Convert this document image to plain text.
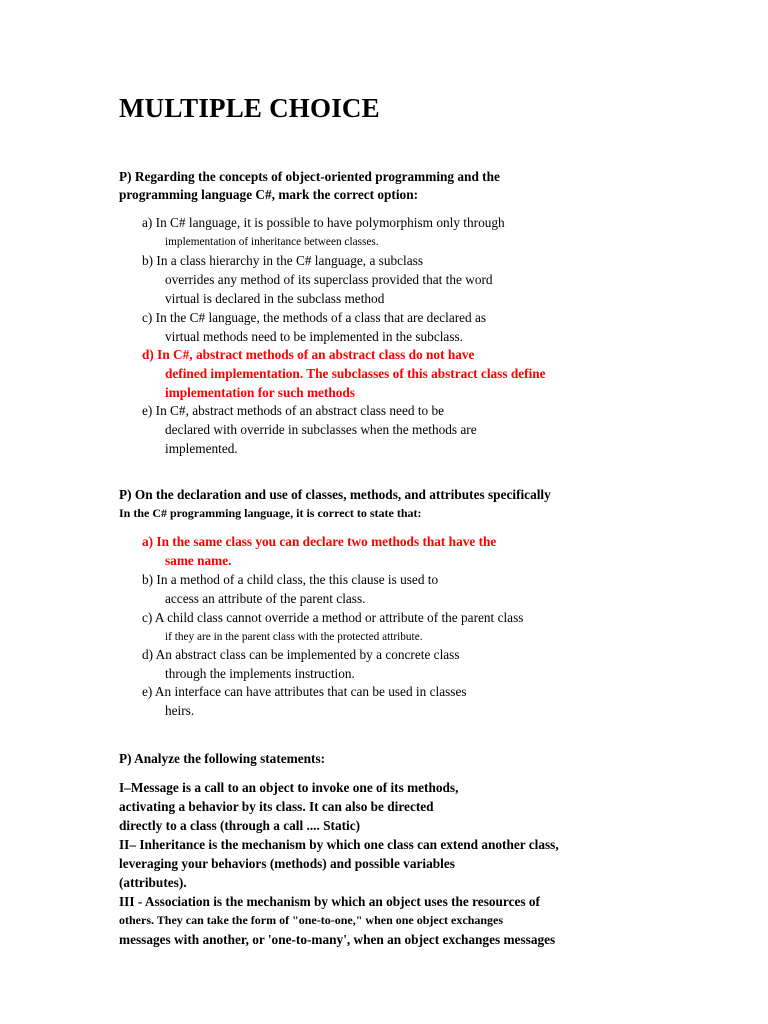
MULTIPLE CHOICE
P) Regarding the concepts of object-oriented programming and the
programming language C#, mark the correct option:
a) In C# language, it is possible to have polymorphism only through
implementation of inheritance between classes.
b) In a class hierarchy in the C# language, a subclass
overrides any method of its superclass provided that the word
virtual is declared in the subclass method
c) In the C# language, the methods of a class that are declared as
virtual methods need to be implemented in the subclass.
d) In C#, abstract methods of an abstract class do not have
defined implementation. The subclasses of this abstract class define
implementation for such methods
e) In C#, abstract methods of an abstract class need to be
declared with override in subclasses when the methods are
implemented.
P) On the declaration and use of classes, methods, and attributes specifically
In the C# programming language, it is correct to state that:
a) In the same class you can declare two methods that have the
same name.
b) In a method of a child class, the this clause is used to
access an attribute of the parent class.
c) A child class cannot override a method or attribute of the parent class
if they are in the parent class with the protected attribute.
d) An abstract class can be implemented by a concrete class
through the implements instruction.
e) An interface can have attributes that can be used in classes
heirs.
P) Analyze the following statements:
I–Message is a call to an object to invoke one of its methods,
activating a behavior by its class. It can also be directed
directly to a class (through a call .... Static)
II– Inheritance is the mechanism by which one class can extend another class,
leveraging your behaviors (methods) and possible variables
(attributes).
III - Association is the mechanism by which an object uses the resources of
others. They can take the form of "one-to-one," when one object exchanges
messages with another, or 'one-to-many', when an object exchanges messages
